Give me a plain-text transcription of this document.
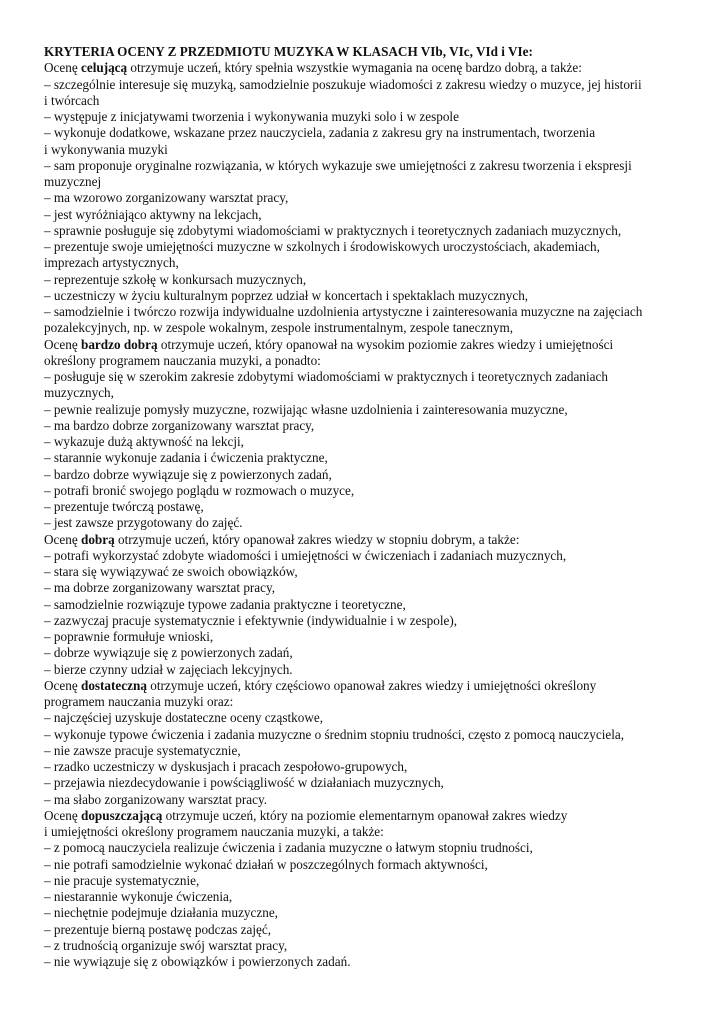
KRYTERIA OCENY Z PRZEDMIOTU MUZYKA W KLASACH VIb, VIc, VId i VIe:
Ocenę celującą otrzymuje uczeń, który spełnia wszystkie wymagania na ocenę bardzo dobrą, a także:
– szczególnie interesuje się muzyką, samodzielnie poszukuje wiadomości z zakresu wiedzy o muzyce, jej historii
i twórcach
– występuje z inicjatywami tworzenia i wykonywania muzyki solo i w zespole
– wykonuje dodatkowe, wskazane przez nauczyciela, zadania z zakresu gry na instrumentach, tworzenia
i wykonywania muzyki
– sam proponuje oryginalne rozwiązania, w których wykazuje swe umiejętności z zakresu tworzenia i ekspresji
muzycznej
– ma wzorowo zorganizowany warsztat pracy,
– jest wyróżniająco aktywny na lekcjach,
– sprawnie posługuje się zdobytymi wiadomościami w praktycznych i teoretycznych zadaniach muzycznych,
– prezentuje swoje umiejętności muzyczne w szkolnych i środowiskowych uroczystościach, akademiach,
imprezach artystycznych,
– reprezentuje szkołę w konkursach muzycznych,
– uczestniczy w życiu kulturalnym poprzez udział w koncertach i spektaklach muzycznych,
– samodzielnie i twórczo rozwija indywidualne uzdolnienia artystyczne i zainteresowania muzyczne na zajęciach
pozalekcyjnych, np. w zespole wokalnym, zespole instrumentalnym, zespole tanecznym,
Ocenę bardzo dobrą otrzymuje uczeń, który opanował na wysokim poziomie zakres wiedzy i umiejętności
określony programem nauczania muzyki, a ponadto:
– posługuje się w szerokim zakresie zdobytymi wiadomościami w praktycznych i teoretycznych zadaniach
muzycznych,
– pewnie realizuje pomysły muzyczne, rozwijając własne uzdolnienia i zainteresowania muzyczne,
– ma bardzo dobrze zorganizowany warsztat pracy,
– wykazuje dużą aktywność na lekcji,
– starannie wykonuje zadania i ćwiczenia praktyczne,
– bardzo dobrze wywiązuje się z powierzonych zadań,
– potrafi bronić swojego poglądu w rozmowach o muzyce,
– prezentuje twórczą postawę,
– jest zawsze przygotowany do zajęć.
Ocenę dobrą otrzymuje uczeń, który opanował zakres wiedzy w stopniu dobrym, a także:
– potrafi wykorzystać zdobyte wiadomości i umiejętności w ćwiczeniach i zadaniach muzycznych,
– stara się wywiązywać ze swoich obowiązków,
– ma dobrze zorganizowany warsztat pracy,
– samodzielnie rozwiązuje typowe zadania praktyczne i teoretyczne,
– zazwyczaj pracuje systematycznie i efektywnie (indywidualnie i w zespole),
– poprawnie formułuje wnioski,
– dobrze wywiązuje się z powierzonych zadań,
– bierze czynny udział w zajęciach lekcyjnych.
Ocenę dostateczną otrzymuje uczeń, który częściowo opanował zakres wiedzy i umiejętności określony
programem nauczania muzyki oraz:
– najczęściej uzyskuje dostateczne oceny cząstkowe,
– wykonuje typowe ćwiczenia i zadania muzyczne o średnim stopniu trudności, często z pomocą nauczyciela,
– nie zawsze pracuje systematycznie,
– rzadko uczestniczy w dyskusjach i pracach zespołowo-grupowych,
– przejawia niezdecydowanie i powściągliwość w działaniach muzycznych,
– ma słabo zorganizowany warsztat pracy.
Ocenę dopuszczającą otrzymuje uczeń, który na poziomie elementarnym opanował zakres wiedzy
i umiejętności określony programem nauczania muzyki, a także:
– z pomocą nauczyciela realizuje ćwiczenia i zadania muzyczne o łatwym stopniu trudności,
– nie potrafi samodzielnie wykonać działań w poszczególnych formach aktywności,
– nie pracuje systematycznie,
– niestarannie wykonuje ćwiczenia,
– niechętnie podejmuje działania muzyczne,
– prezentuje bierną postawę podczas zajęć,
– z trudnością organizuje swój warsztat pracy,
– nie wywiązuje się z obowiązków i powierzonych zadań.
